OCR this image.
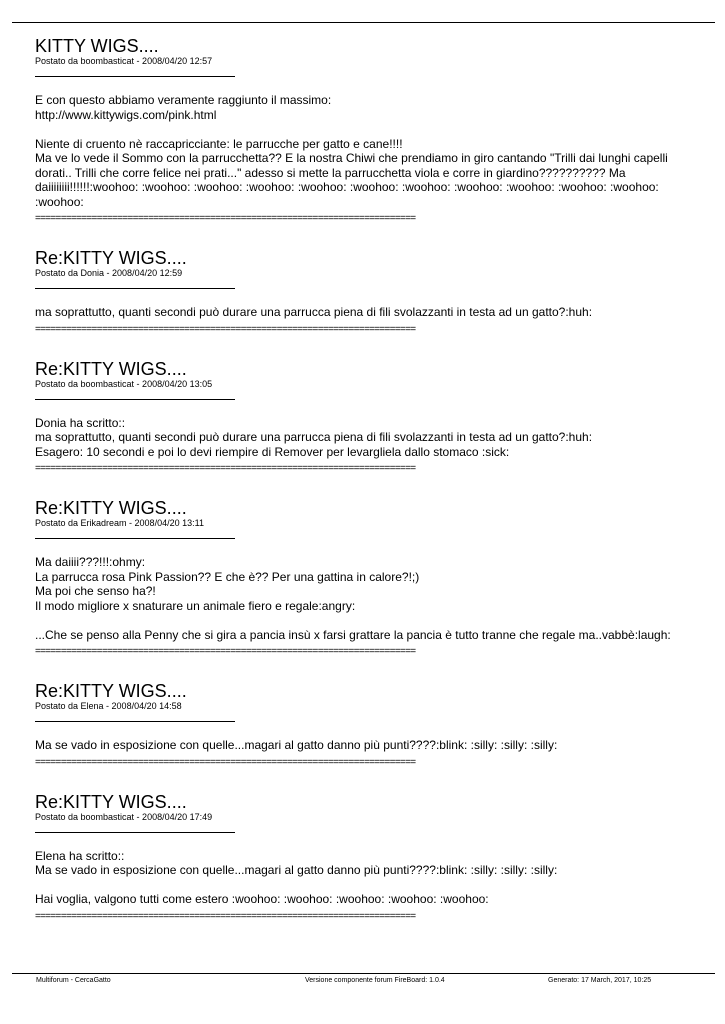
KITTY WIGS....
Postato da boombasticat - 2008/04/20 12:57
E con questo abbiamo veramente raggiunto il massimo:
http://www.kittywigs.com/pink.html
Niente di cruento nè raccapricciante: le parrucche per gatto e cane!!!!
Ma ve lo vede il Sommo con la parrucchetta?? E la nostra Chiwi che prendiamo in giro cantando "Trilli dai lunghi capelli
dorati.. Trilli che corre felice nei prati..." adesso si mette la parrucchetta viola e corre in giardino?????????? Ma
daiiiiiiii!!!!!!:woohoo: :woohoo: :woohoo: :woohoo: :woohoo: :woohoo: :woohoo: :woohoo: :woohoo: :woohoo: :woohoo:
:woohoo:
==========================================================================
Re:KITTY WIGS....
Postato da Donia - 2008/04/20 12:59
ma soprattutto, quanti secondi può durare una parrucca piena di fili svolazzanti in testa ad un gatto?:huh:
==========================================================================
Re:KITTY WIGS....
Postato da boombasticat - 2008/04/20 13:05
Donia ha scritto::
ma soprattutto, quanti secondi può durare una parrucca piena di fili svolazzanti in testa ad un gatto?:huh:
Esagero: 10 secondi e poi lo devi riempire di Remover per levargliela dallo stomaco :sick:
==========================================================================
Re:KITTY WIGS....
Postato da Erikadream - 2008/04/20 13:11
Ma daiiii???!!!:ohmy:
La parrucca rosa Pink Passion?? E che è?? Per una gattina in calore?!;)
Ma poi che senso ha?!
Il modo migliore x snaturare un animale fiero e regale:angry:
...Che se penso alla Penny che si gira a pancia insù x farsi grattare la pancia è tutto tranne che regale ma..vabbè:laugh:
==========================================================================
Re:KITTY WIGS....
Postato da Elena - 2008/04/20 14:58
Ma se vado in esposizione con quelle...magari al gatto danno più punti????:blink: :silly: :silly: :silly:
==========================================================================
Re:KITTY WIGS....
Postato da boombasticat - 2008/04/20 17:49
Elena ha scritto::
Ma se vado in esposizione con quelle...magari al gatto danno più punti????:blink: :silly: :silly: :silly:
Hai voglia, valgono tutti come estero :woohoo: :woohoo: :woohoo: :woohoo: :woohoo:
==========================================================================
Multiforum - CercaGatto	Versione componente forum FireBoard: 1.0.4	Generato: 17 March, 2017, 10:25
